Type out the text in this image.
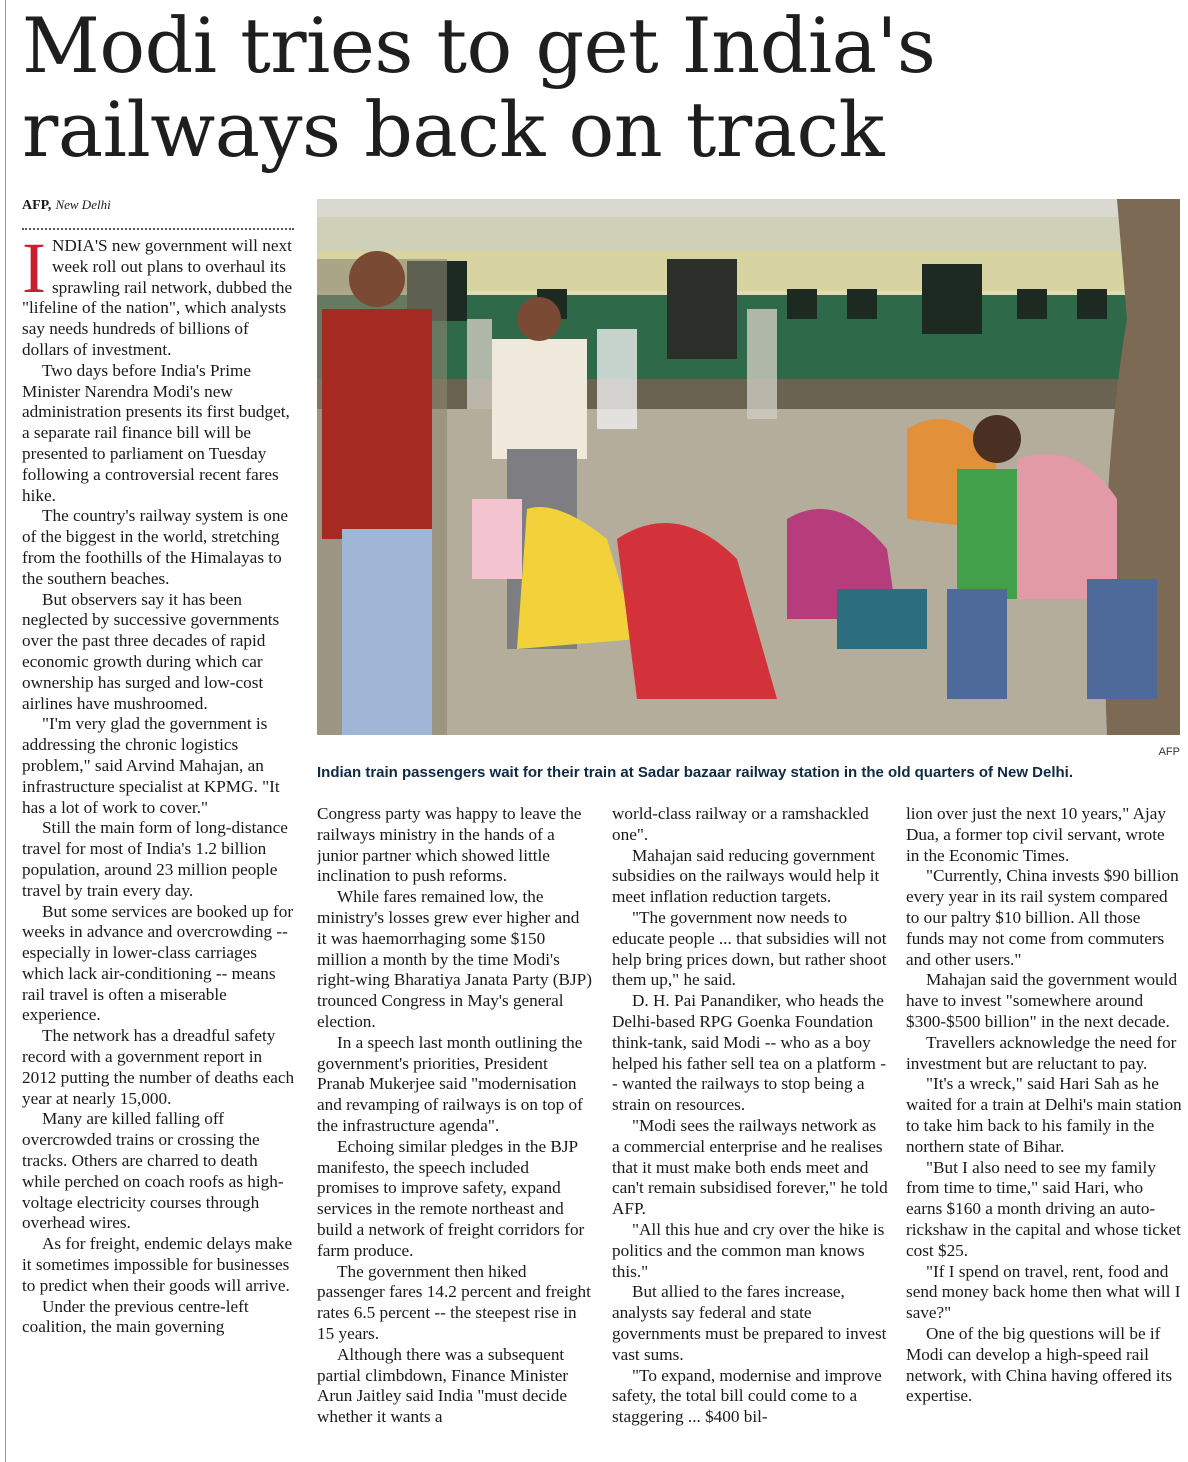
Modi tries to get India's
railways back on track
AFP, New Delhi
I NDIA'S new government will next week roll out plans to overhaul its sprawling rail network, dubbed the "lifeline of the nation", which analysts say needs hundreds of billions of dollars of investment.

Two days before India's Prime Minister Narendra Modi's new administration presents its first budget, a separate rail finance bill will be presented to parliament on Tuesday following a controversial recent fares hike.

The country's railway system is one of the biggest in the world, stretching from the foothills of the Himalayas to the southern beaches.

But observers say it has been neglected by successive governments over the past three decades of rapid economic growth during which car ownership has surged and low-cost airlines have mushroomed.

"I'm very glad the government is addressing the chronic logistics problem," said Arvind Mahajan, an infrastructure specialist at KPMG. "It has a lot of work to cover."

Still the main form of long-distance travel for most of India's 1.2 billion population, around 23 million people travel by train every day.

But some services are booked up for weeks in advance and overcrowding -- especially in lower-class carriages which lack air-conditioning -- means rail travel is often a miserable experience.

The network has a dreadful safety record with a government report in 2012 putting the number of deaths each year at nearly 15,000.

Many are killed falling off overcrowded trains or crossing the tracks. Others are charred to death while perched on coach roofs as high-voltage electricity courses through overhead wires.

As for freight, endemic delays make it sometimes impossible for businesses to predict when their goods will arrive.

Under the previous centre-left coalition, the main governing

AFP
Indian train passengers wait for their train at Sadar bazaar railway station in the old quarters of New Delhi.

Congress party was happy to leave the railways ministry in the hands of a junior partner which showed little inclination to push reforms.

While fares remained low, the ministry's losses grew ever higher and it was haemorrhaging some $150 million a month by the time Modi's right-wing Bharatiya Janata Party (BJP) trounced Congress in May's general election.

In a speech last month outlining the government's priorities, President Pranab Mukerjee said "modernisation and revamping of railways is on top of the infrastructure agenda".

Echoing similar pledges in the BJP manifesto, the speech included promises to improve safety, expand services in the remote northeast and build a network of freight corridors for farm produce.

The government then hiked passenger fares 14.2 percent and freight rates 6.5 percent -- the steepest rise in 15 years.

Although there was a subsequent partial climbdown, Finance Minister Arun Jaitley said India "must decide whether it wants a

world-class railway or a ramshackled one".

Mahajan said reducing government subsidies on the railways would help it meet inflation reduction targets.

"The government now needs to educate people ... that subsidies will not help bring prices down, but rather shoot them up," he said.

D. H. Pai Panandiker, who heads the Delhi-based RPG Goenka Foundation think-tank, said Modi -- who as a boy helped his father sell tea on a platform -- wanted the railways to stop being a strain on resources.

"Modi sees the railways network as a commercial enterprise and he realises that it must make both ends meet and can't remain subsidised forever," he told AFP.

"All this hue and cry over the hike is politics and the common man knows this."

But allied to the fares increase, analysts say federal and state governments must be prepared to invest vast sums.

"To expand, modernise and improve safety, the total bill could come to a staggering ... $400 bil-

lion over just the next 10 years," Ajay Dua, a former top civil servant, wrote in the Economic Times.

"Currently, China invests $90 billion every year in its rail system compared to our paltry $10 billion. All those funds may not come from commuters and other users."

Mahajan said the government would have to invest "somewhere around $300-$500 billion" in the next decade.

Travellers acknowledge the need for investment but are reluctant to pay.

"It's a wreck," said Hari Sah as he waited for a train at Delhi's main station to take him back to his family in the northern state of Bihar.

"But I also need to see my family from time to time," said Hari, who earns $160 a month driving an auto-rickshaw in the capital and whose ticket cost $25.

"If I spend on travel, rent, food and send money back home then what will I save?"

One of the big questions will be if Modi can develop a high-speed rail network, with China having offered its expertise.
